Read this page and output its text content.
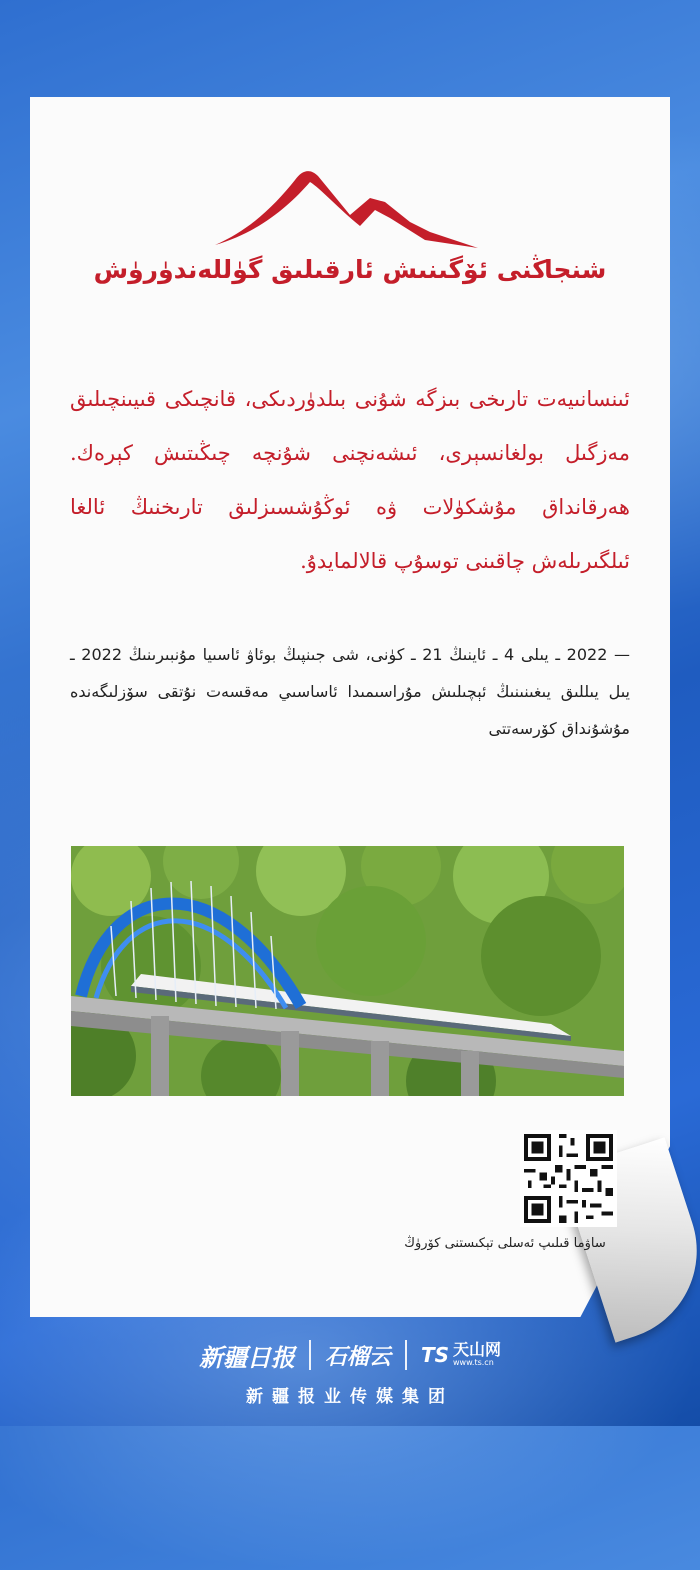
شنجاڭنى ئۆگىنىش ئارقىلىق گۈللەندۈرۈش
ئىنسانىيەت تارىخى بىزگە شۇنى بىلدۈردىكى، قانچىكى قىيىنچىلىق مەزگىل بولغانسېرى، ئىشەنچنى شۇنچە چىڭىتىش كېرەك. ھەرقانداق مۇشكۈلات ۋە ئوڭۇشسىزلىق تارىخنىڭ ئالغا ئىلگىرىلەش چاقىنى توسۇپ قالالمايدۇ.
— 2022 ـ يىلى 4 ـ ئاينىڭ 21 ـ كۈنى، شى جىنپىڭ بوئاۋ ئاسىيا مۇنبىرىنىڭ 2022 ـ يىل يىللىق يىغىنىنىڭ ئېچىلىش مۇراسىمىدا ئاساسىي مەقسەت نۇتقى سۆزلىگەندە مۇشۇنداق كۆرسەتتى
ساۋما قىلىپ ئەسلى تېكىستنى كۆرۈڭ
新疆日报 石榴云 TS 天山网
www.ts.cn
新疆报业传媒集团
